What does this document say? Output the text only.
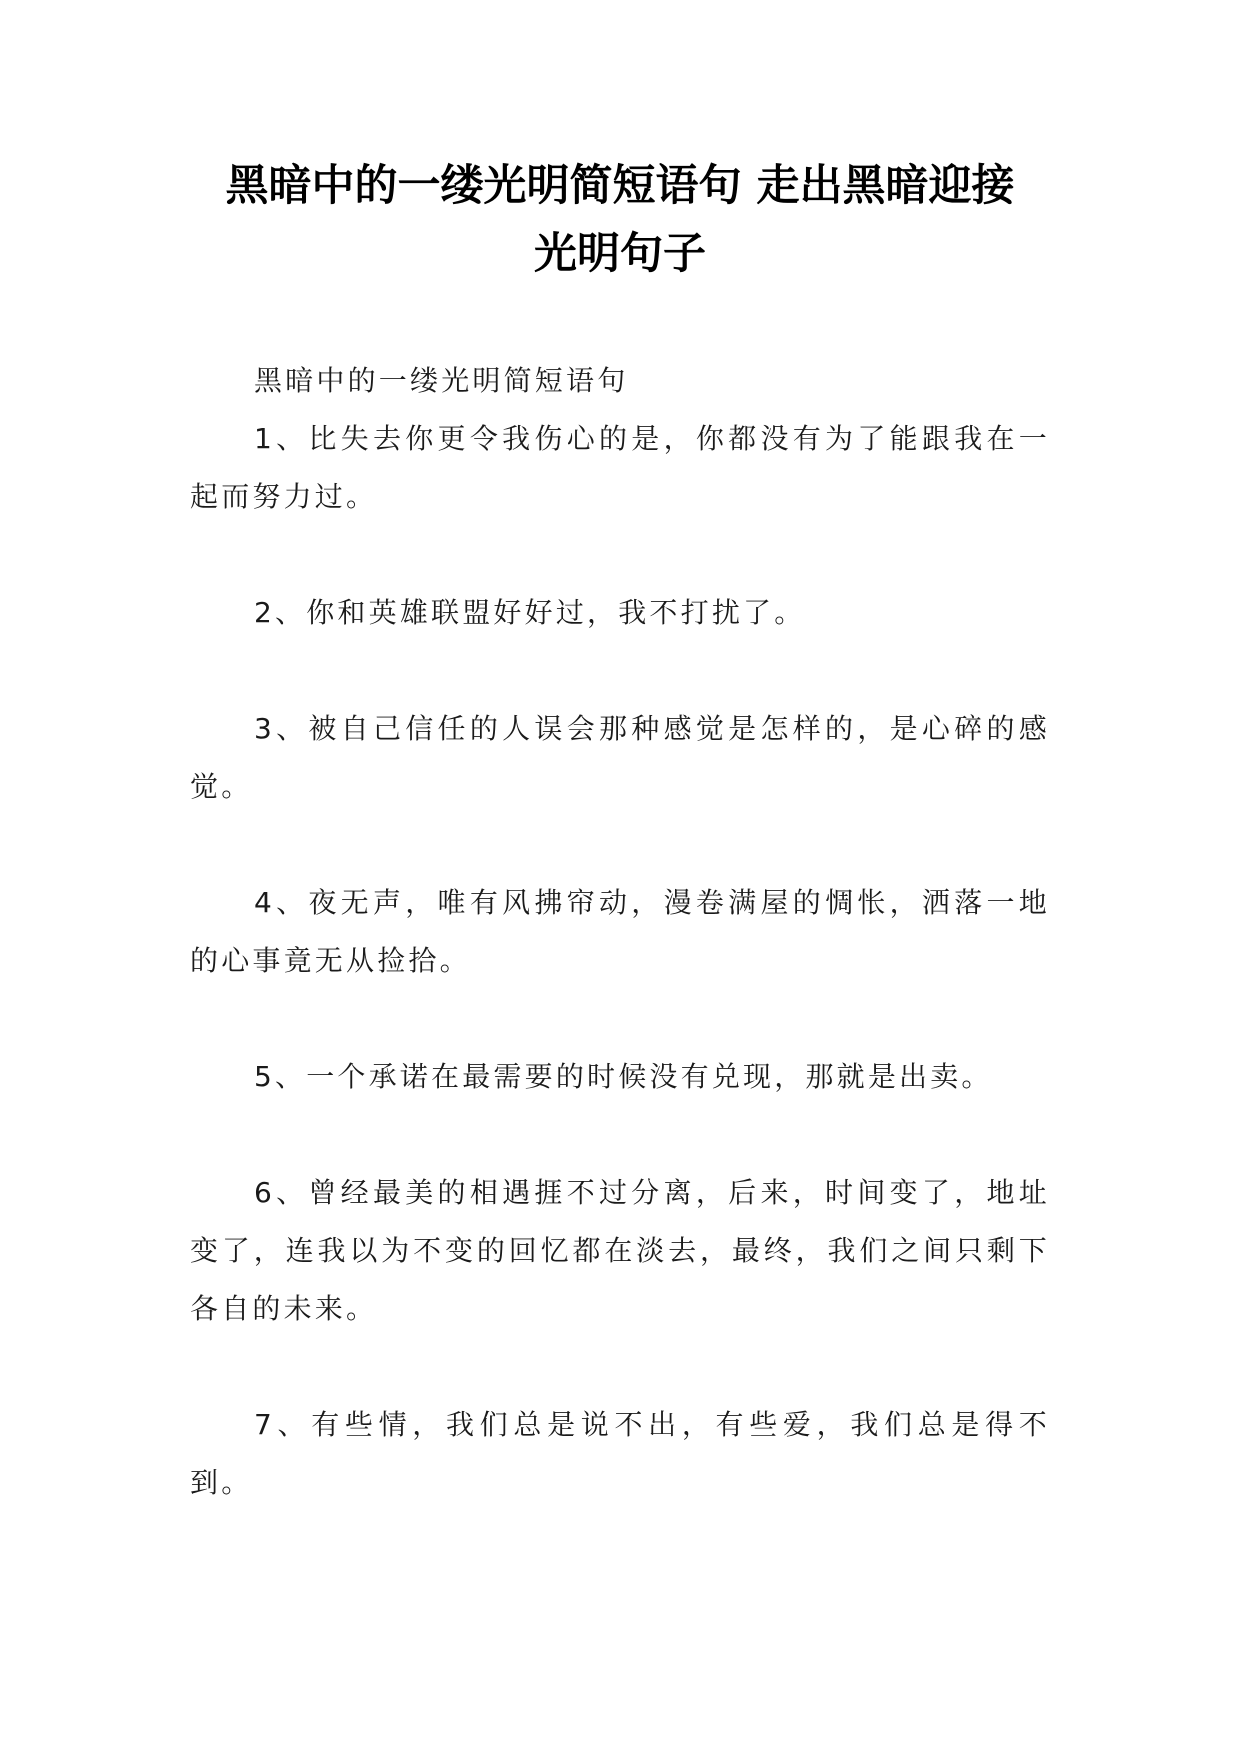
黑暗中的一缕光明简短语句 走出黑暗迎接
光明句子

黑暗中的一缕光明简短语句

1、比失去你更令我伤心的是，你都没有为了能跟我在一起而努力过。

2、你和英雄联盟好好过，我不打扰了。

3、被自己信任的人误会那种感觉是怎样的，是心碎的感觉。

4、夜无声，唯有风拂帘动，漫卷满屋的惆怅，洒落一地的心事竟无从捡拾。

5、一个承诺在最需要的时候没有兑现，那就是出卖。

6、曾经最美的相遇捱不过分离，后来，时间变了，地址变了，连我以为不变的回忆都在淡去，最终，我们之间只剩下各自的未来。

7、有些情，我们总是说不出，有些爱，我们总是得不到。
